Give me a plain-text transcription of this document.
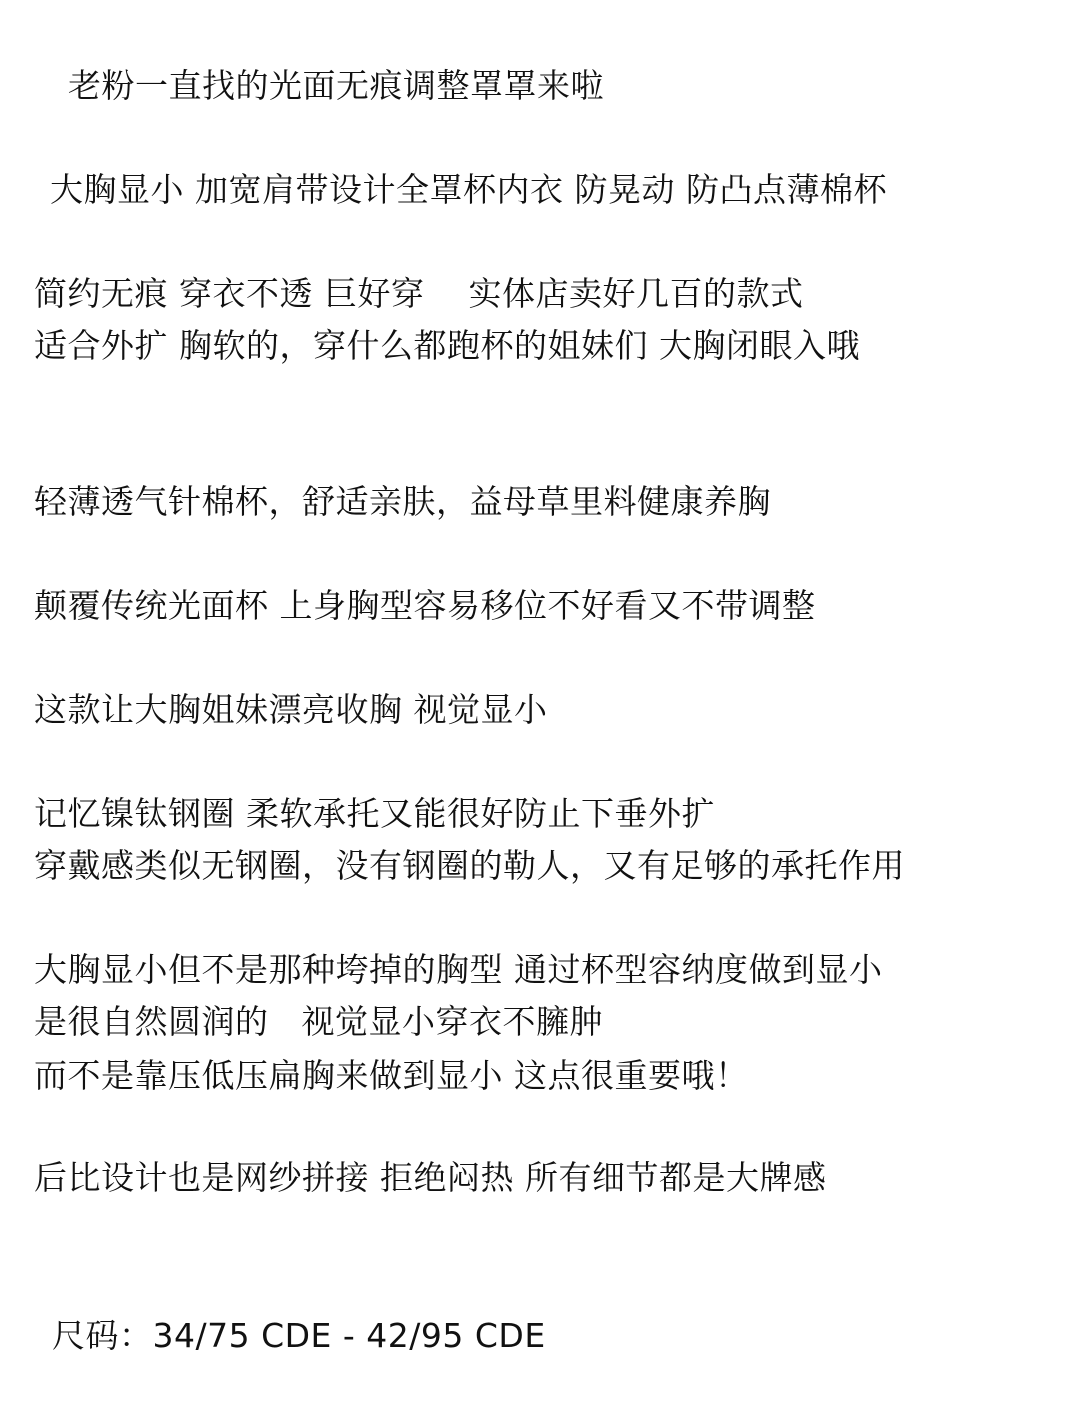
老粉一直找的光面无痕调整罩罩来啦
大胸显小 加宽肩带设计全罩杯内衣 防晃动 防凸点薄棉杯
简约无痕 穿衣不透 巨好穿    实体店卖好几百的款式
适合外扩 胸软的，穿什么都跑杯的姐妹们 大胸闭眼入哦
轻薄透气针棉杯，舒适亲肤，益母草里料健康养胸
颠覆传统光面杯 上身胸型容易移位不好看又不带调整
这款让大胸姐妹漂亮收胸 视觉显小
记忆镍钛钢圈 柔软承托又能很好防止下垂外扩
穿戴感类似无钢圈，没有钢圈的勒人，又有足够的承托作用
大胸显小但不是那种垮掉的胸型 通过杯型容纳度做到显小
是很自然圆润的   视觉显小穿衣不臃肿
而不是靠压低压扁胸来做到显小 这点很重要哦！
后比设计也是网纱拼接 拒绝闷热 所有细节都是大牌感
尺码：34/75 CDE - 42/95 CDE
